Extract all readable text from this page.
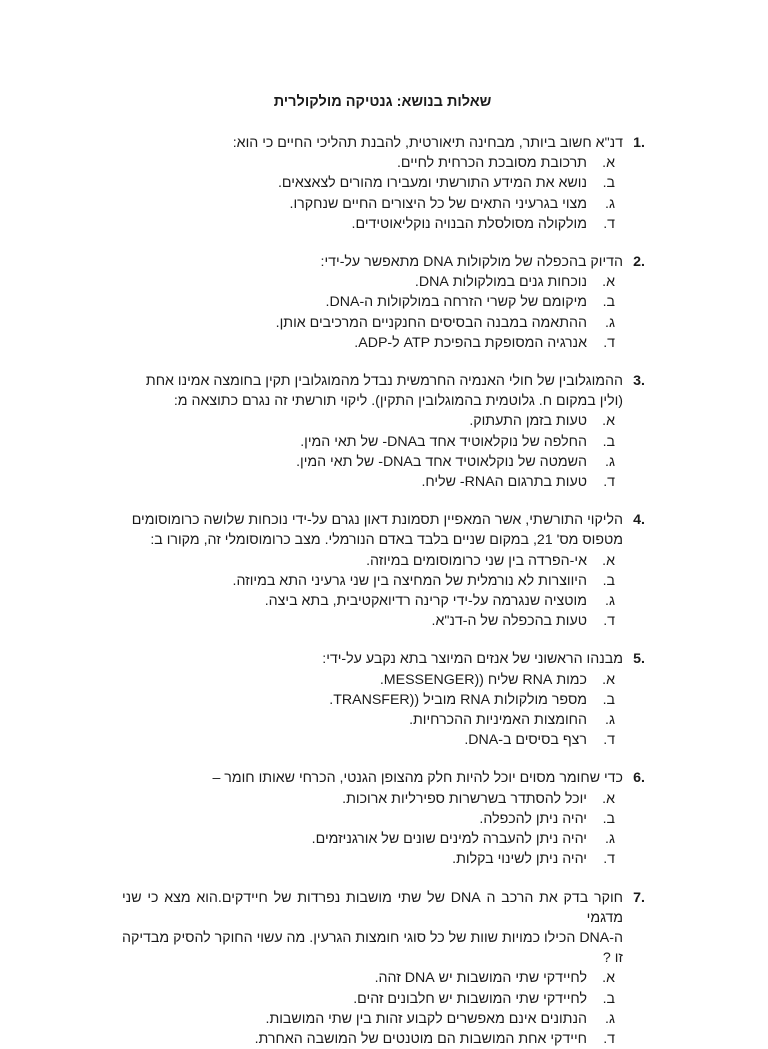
שאלות בנושא: גנטיקה מולקולרית
1.
דנ"א חשוב ביותר, מבחינה תיאורטית, להבנת תהליכי החיים כי הוא:
א.
תרכובת מסובכת הכרחית לחיים.
ב.
נושא את המידע התורשתי ומעבירו מהורים לצאצאים.
ג.
מצוי בגרעיני התאים של כל היצורים החיים שנחקרו.
ד.
מולקולה מסולסלת הבנויה נוקליאוטידים.
2.
הדיוק בהכפלה של מולקולות DNA מתאפשר על-ידי:
א.
נוכחות גנים במולקולות DNA.
ב.
מיקומם של קשרי הזרחה במולקולות ה-DNA.
ג.
ההתאמה במבנה הבסיסים החנקניים המרכיבים אותן.
ד.
אנרגיה המסופקת בהפיכת ATP ל-ADP.
3.
ההמוגלובין של חולי האנמיה החרמשית נבדל מהמוגלובין תקין בחומצה אמינו אחת
(ולין במקום ח. גלוטמית בהמוגלובין התקין). ליקוי תורשתי זה נגרם כתוצאה מ:
א.
טעות בזמן התעתוק.
ב.
החלפה של נוקלאוטיד אחד בDNA- של תאי המין.
ג.
השמטה של נוקלאוטיד אחד בDNA- של תאי המין.
ד.
טעות בתרגום הRNA- שליח.
4.
הליקוי התורשתי, אשר המאפיין תסמונת דאון נגרם על-ידי נוכחות שלושה כרומוסומים
מטפוס מס' 21, במקום שניים בלבד באדם הנורמלי. מצב כרומוסומלי זה, מקורו ב:
א.
אי-הפרדה בין שני כרומוסומים במיוזה.
ב.
היווצרות לא נורמלית של המחיצה בין שני גרעיני התא במיוזה.
ג.
מוטציה שנגרמה על-ידי קרינה רדיואקטיבית, בתא ביצה.
ד.
טעות בהכפלה של ה-דנ"א.
5.
מבנהו הראשוני של אנזים המיוצר בתא נקבע על-ידי:
א.
כמות RNA שליח ((MESSENGER.
ב.
מספר מולקולות RNA מוביל ((TRANSFER.
ג.
החומצות האמיניות ההכרחיות.
ד.
רצף בסיסים ב-DNA.
6.
כדי שחומר מסוים יוכל להיות חלק מהצופן הגנטי, הכרחי שאותו חומר –
א.
יוכל להסתדר בשרשרות ספירליות ארוכות.
ב.
יהיה ניתן להכפלה.
ג.
יהיה ניתן להעברה למינים שונים של אורגניזמים.
ד.
יהיה ניתן לשינוי בקלות.
7.
חוקר בדק את הרכב ה DNA של שתי מושבות נפרדות של חיידקים.הוא מצא כי שני מדגמי
ה-DNA הכילו כמויות שוות של כל סוגי חומצות הגרעין. מה עשוי החוקר להסיק מבדיקה זו ?
א.
לחיידקי שתי המושבות יש DNA זהה.
ב.
לחיידקי שתי המושבות יש חלבונים זהים.
ג.
הנתונים אינם מאפשרים לקבוע זהות בין שתי המושבות.
ד.
חיידקי אחת המושבות הם מוטנטים של המושבה האחרת.
